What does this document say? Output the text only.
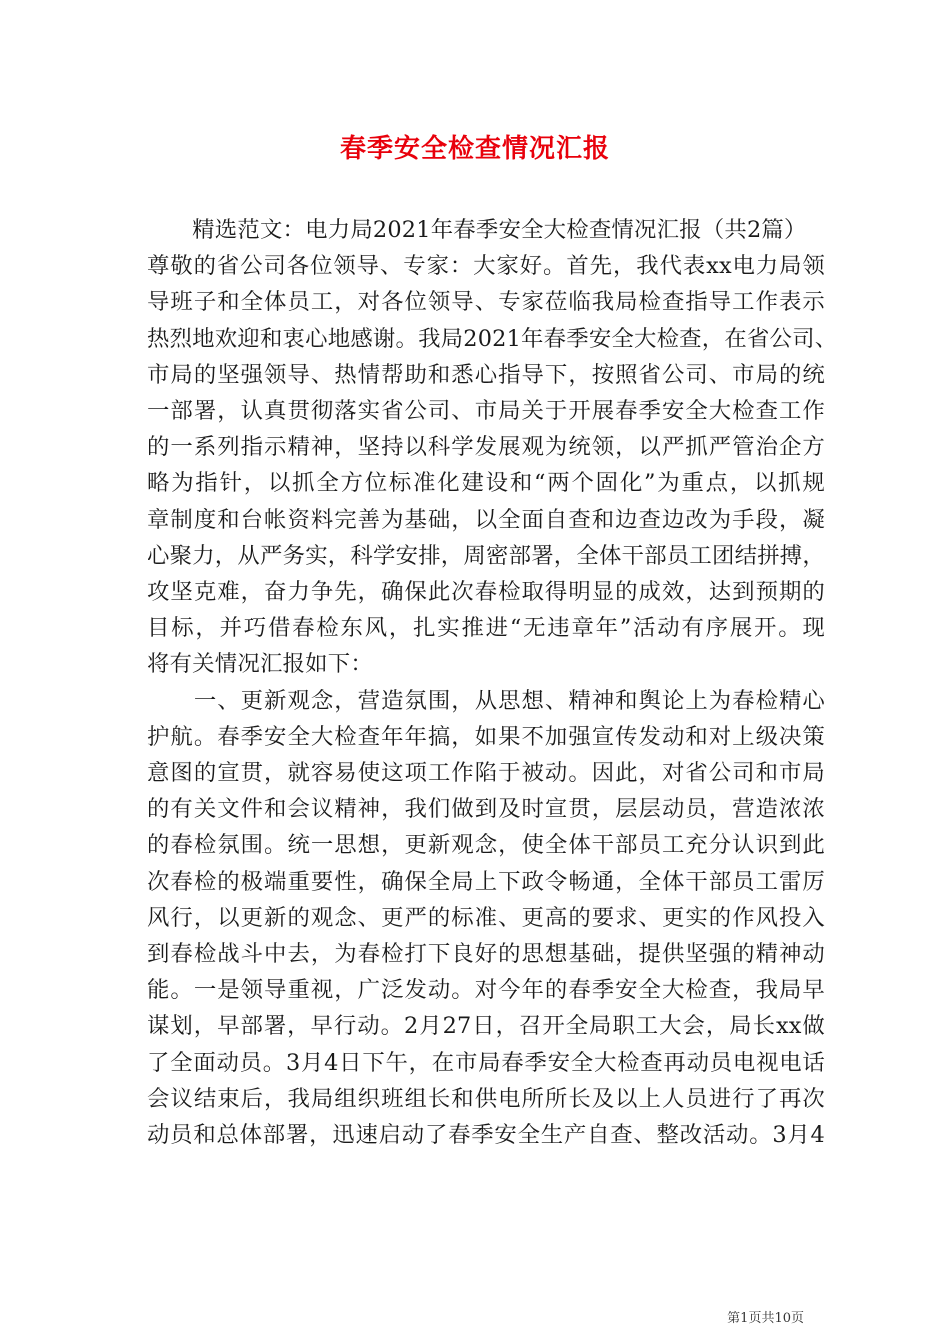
春季安全检查情况汇报
　　精选范文：电力局2021年春季安全大检查情况汇报（共2篇）
尊敬的省公司各位领导、专家：大家好。首先，我代表xx电力局领
导班子和全体员工，对各位领导、专家莅临我局检查指导工作表示
热烈地欢迎和衷心地感谢。我局2021年春季安全大检查，在省公司、
市局的坚强领导、热情帮助和悉心指导下，按照省公司、市局的统
一部署，认真贯彻落实省公司、市局关于开展春季安全大检查工作
的一系列指示精神，坚持以科学发展观为统领，以严抓严管治企方
略为指针，以抓全方位标准化建设和“两个固化”为重点，以抓规
章制度和台帐资料完善为基础，以全面自查和边查边改为手段，凝
心聚力，从严务实，科学安排，周密部署，全体干部员工团结拼搏，
攻坚克难，奋力争先，确保此次春检取得明显的成效，达到预期的
目标，并巧借春检东风，扎实推进“无违章年”活动有序展开。现
将有关情况汇报如下：
　　一、更新观念，营造氛围，从思想、精神和舆论上为春检精心
护航。春季安全大检查年年搞，如果不加强宣传发动和对上级决策
意图的宣贯，就容易使这项工作陷于被动。因此，对省公司和市局
的有关文件和会议精神，我们做到及时宣贯，层层动员，营造浓浓
的春检氛围。统一思想，更新观念，使全体干部员工充分认识到此
次春检的极端重要性，确保全局上下政令畅通，全体干部员工雷厉
风行，以更新的观念、更严的标准、更高的要求、更实的作风投入
到春检战斗中去，为春检打下良好的思想基础，提供坚强的精神动
能。一是领导重视，广泛发动。对今年的春季安全大检查，我局早
谋划，早部署，早行动。2月27日，召开全局职工大会，局长xx做
了全面动员。3月4日下午，在市局春季安全大检查再动员电视电话
会议结束后，我局组织班组长和供电所所长及以上人员进行了再次
动员和总体部署，迅速启动了春季安全生产自查、整改活动。3月4
第1页共10页
